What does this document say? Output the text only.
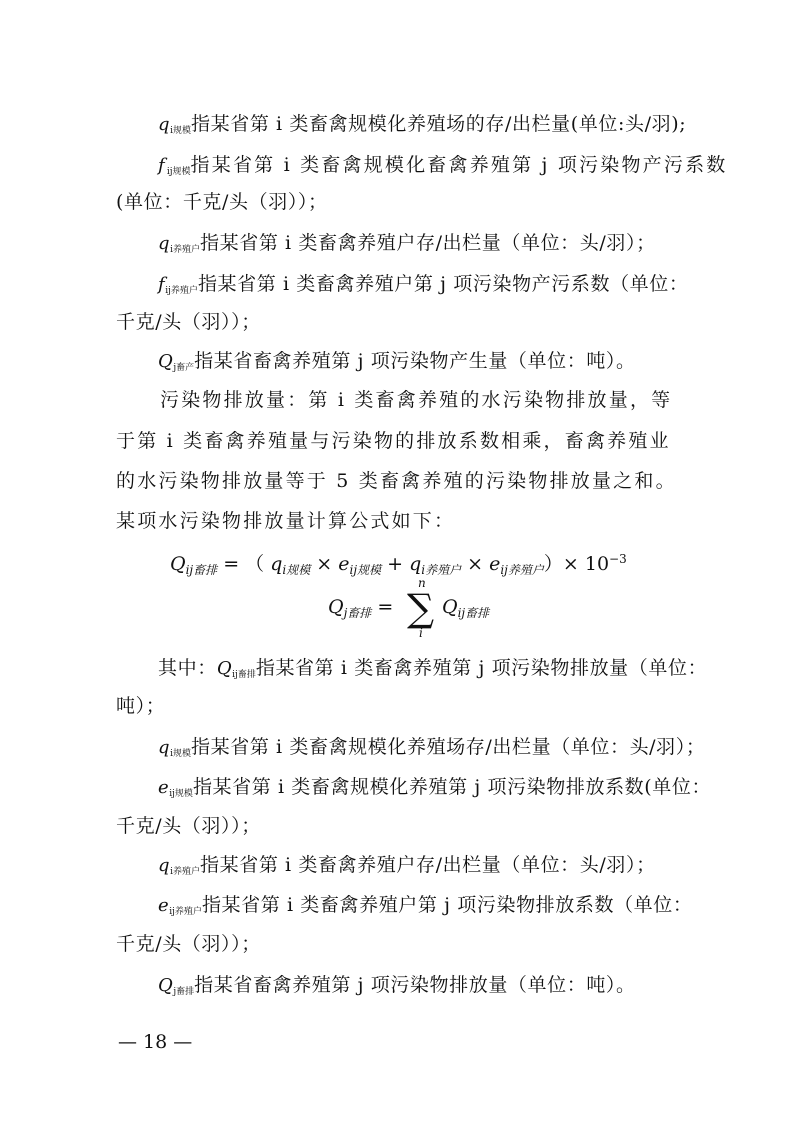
$q_{i规模}$指某省第 i 类畜禽规模化养殖场的存/出栏量(单位:头/羽);
$f_{ij规模}$指某省第 i 类畜禽规模化畜禽养殖第 j 项污染物产污系数
(单位：千克/头（羽））；
$q_{i养殖户}$指某省第 i 类畜禽养殖户存/出栏量（单位：头/羽）；
$f_{ij养殖户}$指某省第 i 类畜禽养殖户第 j 项污染物产污系数（单位：
千克/头（羽））；
$Q_{j畜产}$指某省畜禽养殖第 j 项污染物产生量（单位：吨）。
污染物排放量：第 i 类畜禽养殖的水污染物排放量，等
于第 i 类畜禽养殖量与污染物的排放系数相乘，畜禽养殖业
的水污染物排放量等于 5 类畜禽养殖的污染物排放量之和。
某项水污染物排放量计算公式如下：
$Q_{ij畜排}$ = （ $q_{i规模} \times e_{ij规模} + q_{i养殖户} \times e_{ij养殖户})\times 10^{-3}$
$Q_{j畜排}$ =
n
∑
i
$Q_{ij畜排}$
其中：$Q_{ij畜排}$指某省第 i 类畜禽养殖第 j 项污染物排放量（单位：
吨）；
$q_{i规模}$指某省第 i 类畜禽规模化养殖场存/出栏量（单位：头/羽）；
$e_{ij规模}$指某省第 i 类畜禽规模化养殖第 j 项污染物排放系数(单位：
千克/头（羽））；
$q_{i养殖户}$指某省第 i 类畜禽养殖户存/出栏量（单位：头/羽）；
$e_{ij养殖户}$指某省第 i 类畜禽养殖户第 j 项污染物排放系数（单位：
千克/头（羽））；
$Q_{j畜排}$指某省畜禽养殖第 j 项污染物排放量（单位：吨）。
— 18 —
